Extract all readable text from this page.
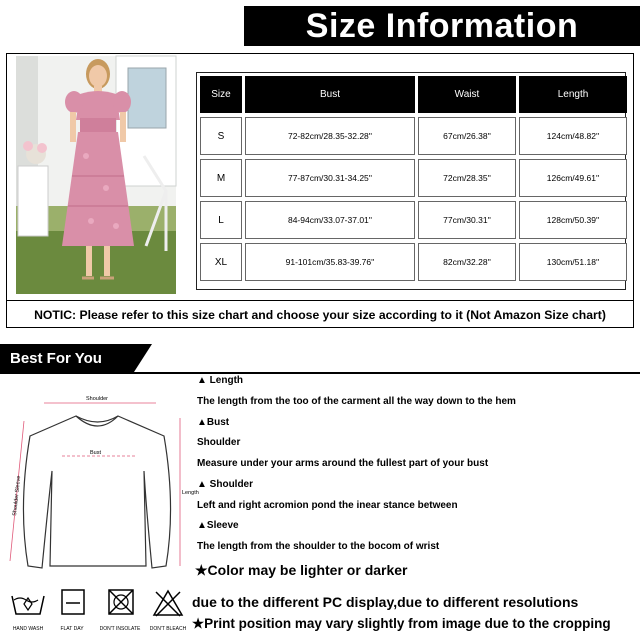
Size Information
Size	Bust	Waist	Length
S	72-82cm/28.35-32.28''	67cm/26.38''	124cm/48.82''
M	77-87cm/30.31-34.25''	72cm/28.35''	126cm/49.61''
L	84-94cm/33.07-37.01''	77cm/30.31''	128cm/50.39''
XL	91-101cm/35.83-39.76''	82cm/32.28''	130cm/51.18''
NOTIC: Please refer to this size chart and choose your size according to it (Not Amazon Size chart)
Best For You
Shoulder
Bust
Length
Shoulder Sleeve
▲ Length
The length from the too of the carment all the way down to the hem
▲Bust
Shoulder
Measure under your arms around the fullest part of your bust
▲ Shoulder
Left and right acromion pond the inear stance between
▲Sleeve
The length from the shoulder to the bocom of wrist
★Color may be lighter or darker
due to the different PC display,due to different resolutions
★Print position may vary slightly from image due to the cropping
HAND WASH	FLAT DAY	DON'T INSOLATE	DON'T BLEACH
